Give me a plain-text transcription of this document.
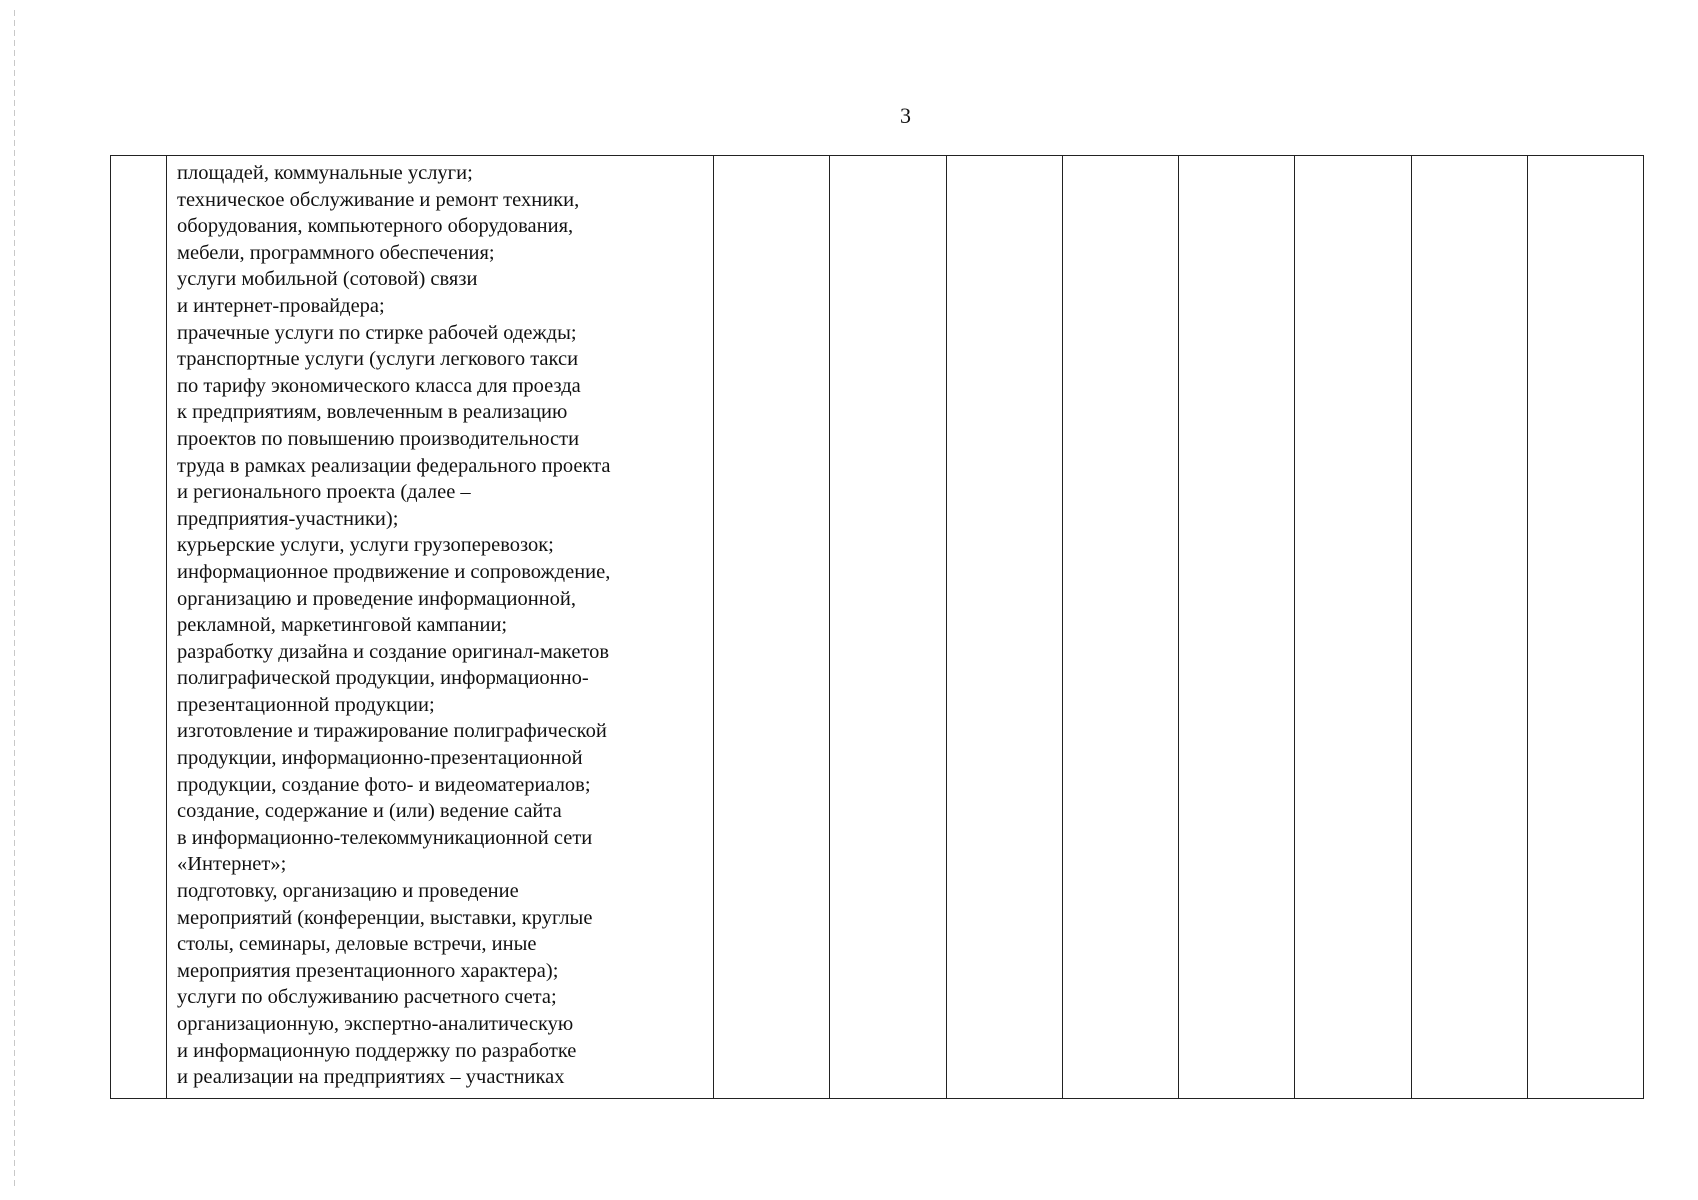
3

площадей, коммунальные услуги;
техническое обслуживание и ремонт техники,
оборудования, компьютерного оборудования,
мебели, программного обеспечения;
услуги мобильной (сотовой) связи
и интернет-провайдера;
прачечные услуги по стирке рабочей одежды;
транспортные услуги (услуги легкового такси
по тарифу экономического класса для проезда
к предприятиям, вовлеченным в реализацию
проектов по повышению производительности
труда в рамках реализации федерального проекта
и регионального проекта (далее –
предприятия-участники);
курьерские услуги, услуги грузоперевозок;
информационное продвижение и сопровождение,
организацию и проведение информационной,
рекламной, маркетинговой кампании;
разработку дизайна и создание оригинал-макетов
полиграфической продукции, информационно-
презентационной продукции;
изготовление и тиражирование полиграфической
продукции, информационно-презентационной
продукции, создание фото- и видеоматериалов;
создание, содержание и (или) ведение сайта
в информационно-телекоммуникационной сети
«Интернет»;
подготовку, организацию и проведение
мероприятий (конференции, выставки, круглые
столы, семинары, деловые встречи, иные
мероприятия презентационного характера);
услуги по обслуживанию расчетного счета;
организационную, экспертно-аналитическую
и информационную поддержку по разработке
и реализации на предприятиях – участниках
